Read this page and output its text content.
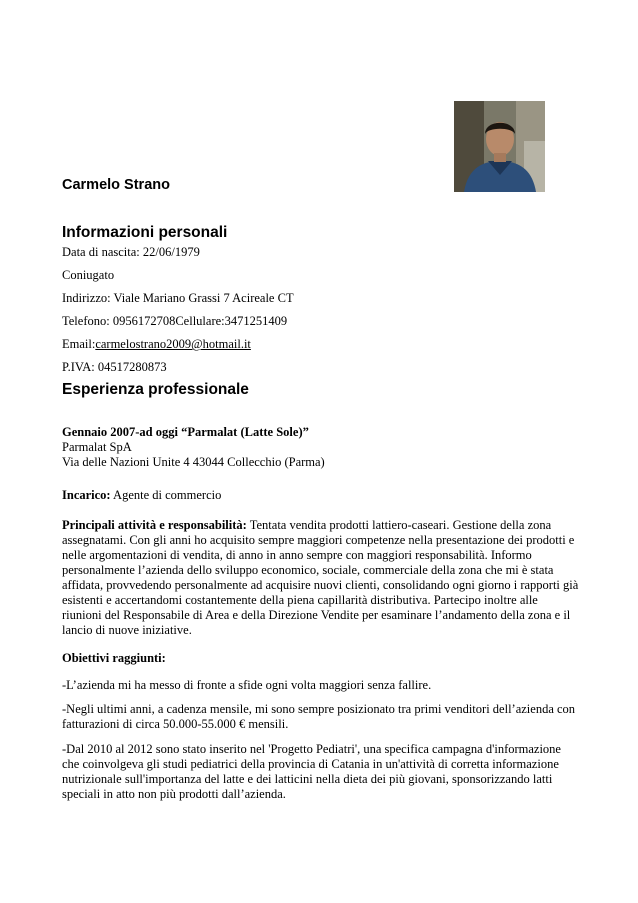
Carmelo Strano
Informazioni personali
Data di nascita: 22/06/1979
Coniugato
Indirizzo: Viale Mariano Grassi 7 Acireale CT
Telefono: 0956172708Cellulare:3471251409
Email:carmelostrano2009@hotmail.it
P.IVA: 04517280873
Esperienza professionale

Gennaio 2007-ad oggi “Parmalat (Latte Sole)”

Parmalat SpA

Via delle Nazioni Unite 4 43044 Collecchio (Parma)

Incarico: Agente di commercio
Principali attività e responsabilità: Tentata vendita prodotti lattiero-caseari. Gestione della zona assegnatami. Con gli anni ho acquisito sempre maggiori competenze nella presentazione dei prodotti e nelle argomentazioni di vendita, di anno in anno sempre con maggiori responsabilità. Informo personalmente l’azienda dello sviluppo economico, sociale, commerciale della zona che mi è stata affidata, provvedendo personalmente ad acquisire nuovi clienti, consolidando ogni giorno i rapporti già esistenti e accertandomi costantemente della piena capillarità distributiva. Partecipo inoltre alle riunioni del Responsabile di Area e della Direzione Vendite per esaminare l’andamento della zona e il lancio di nuove iniziative.
Obiettivi raggiunti:
-L’azienda mi ha messo di fronte a sfide ogni volta maggiori senza fallire.
-Negli ultimi anni, a cadenza mensile, mi sono sempre posizionato tra primi venditori dell’azienda con fatturazioni di circa 50.000-55.000 € mensili.
-Dal 2010 al 2012 sono stato inserito nel 'Progetto Pediatri', una specifica campagna d'informazione che coinvolgeva gli studi pediatrici della provincia di Catania in un'attività di corretta informazione nutrizionale sull'importanza del latte e dei latticini nella dieta dei più giovani, sponsorizzando latti speciali in atto non più prodotti dall’azienda.
